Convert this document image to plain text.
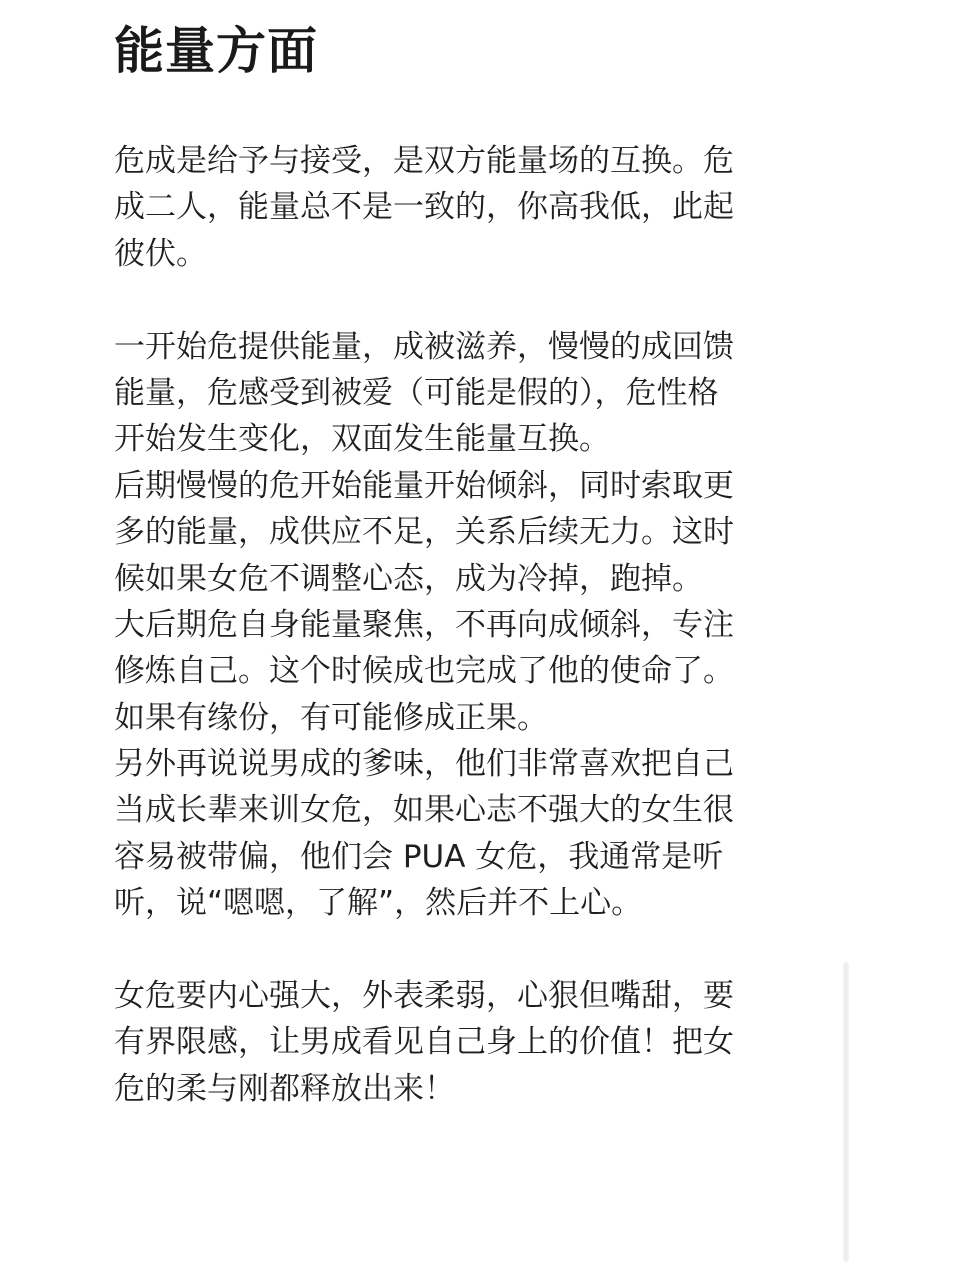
能量方面
危成是给予与接受，是双方能量场的互换。危
成二人，能量总不是一致的，你高我低，此起
彼伏。
一开始危提供能量，成被滋养，慢慢的成回馈
能量，危感受到被爱（可能是假的），危性格
开始发生变化，双面发生能量互换。
后期慢慢的危开始能量开始倾斜，同时索取更
多的能量，成供应不足，关系后续无力。这时
候如果女危不调整心态，成为冷掉，跑掉。
大后期危自身能量聚焦，不再向成倾斜，专注
修炼自己。这个时候成也完成了他的使命了。
如果有缘份，有可能修成正果。
另外再说说男成的爹味，他们非常喜欢把自己
当成长辈来训女危，如果心志不强大的女生很
容易被带偏，他们会 PUA 女危，我通常是听
听，说“嗯嗯，了解”，然后并不上心。
女危要内心强大，外表柔弱，心狠但嘴甜，要
有界限感，让男成看见自己身上的价值！把女
危的柔与刚都释放出来！
